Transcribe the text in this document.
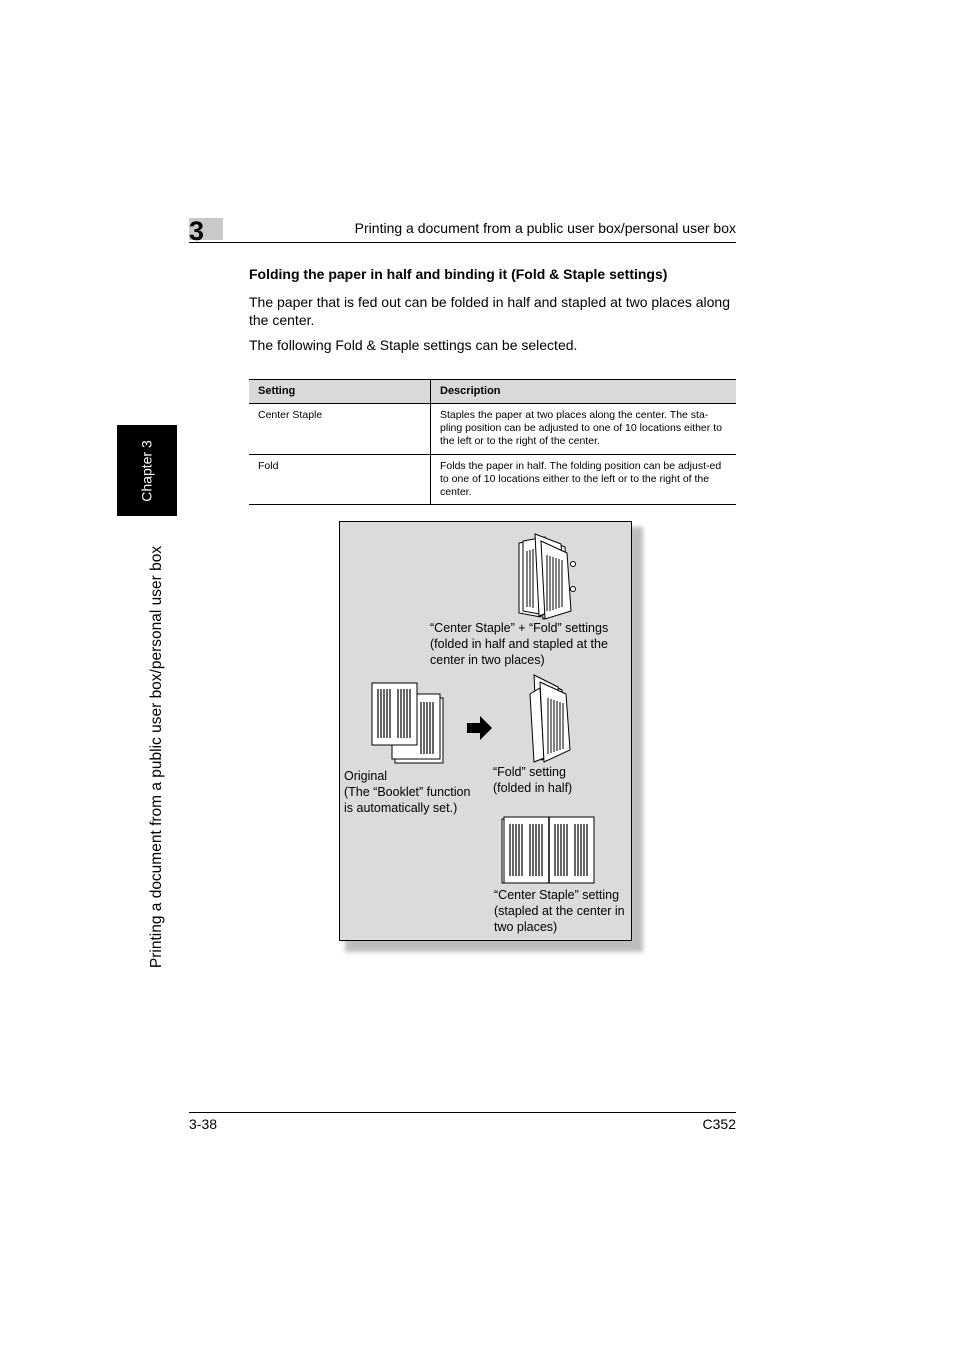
3	Printing a document from a public user box/personal user box
Chapter 3
Printing a document from a public user box/personal user box
Folding the paper in half and binding it (Fold & Staple settings)
The paper that is fed out can be folded in half and stapled at two places along the center.
The following Fold & Staple settings can be selected.
Setting	Description
Center Staple	Staples the paper at two places along the center. The sta-pling position can be adjusted to one of 10 locations either to the left or to the right of the center.
Fold	Folds the paper in half. The folding position can be adjust-ed to one of 10 locations either to the left or to the right of the center.
“Center Staple” + “Fold” settings
(folded in half and stapled at the
center in two places)
Original
(The “Booklet” function
is automatically set.)
“Fold” setting
(folded in half)
“Center Staple” setting
(stapled at the center in
two places)
3-38	C352
